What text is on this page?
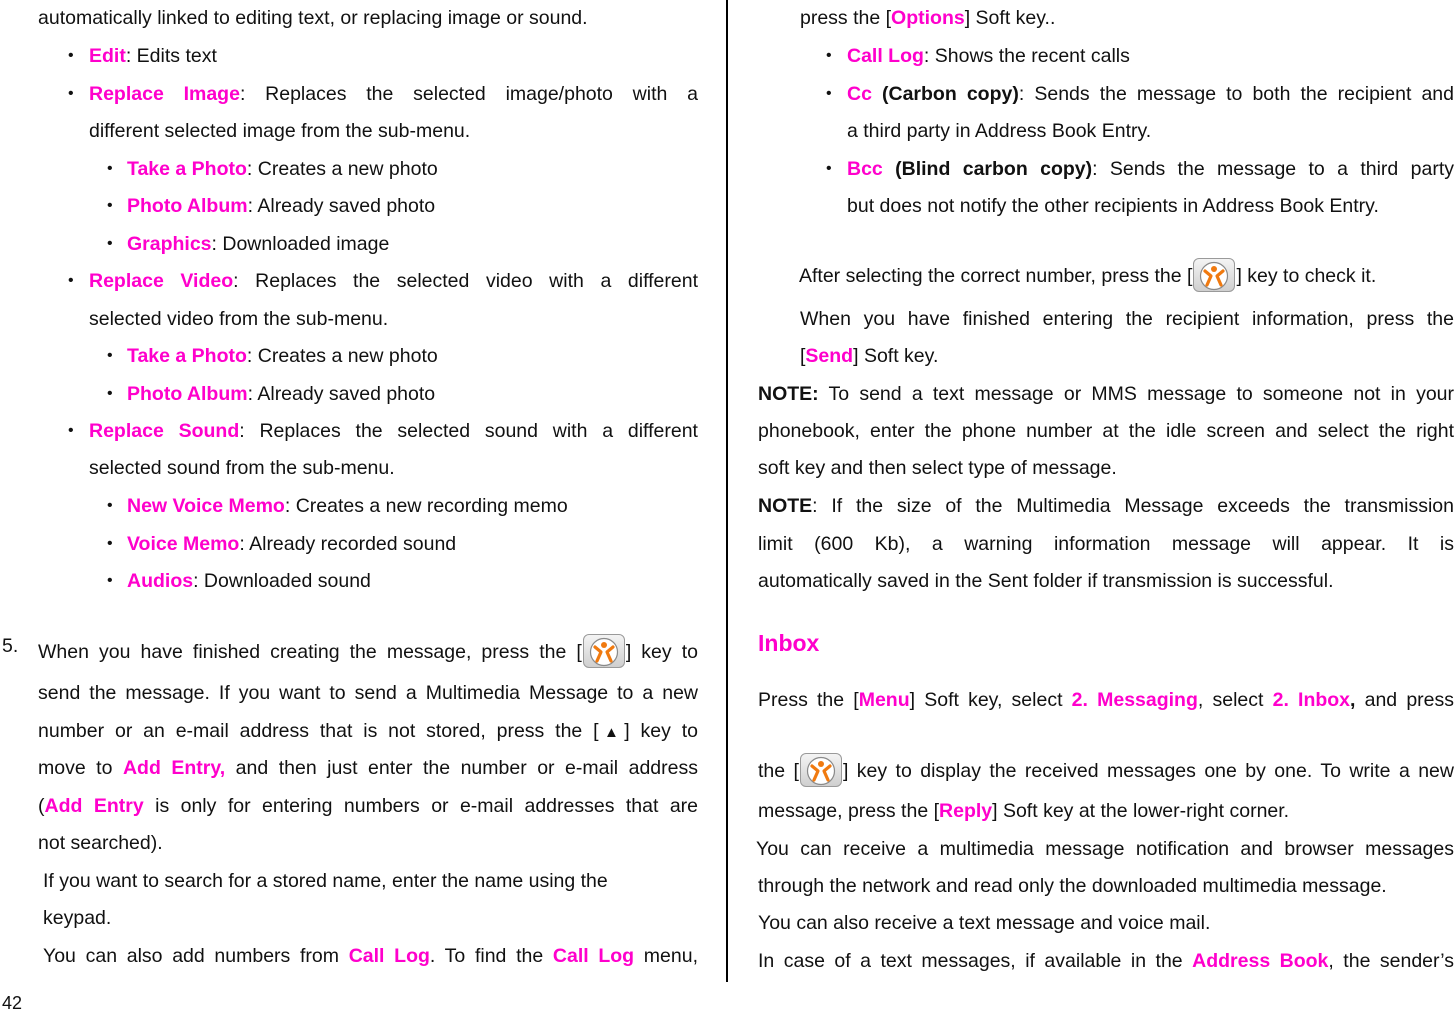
automatically linked to editing text, or replacing image or sound.
• Edit: Edits text
• Replace Image: Replaces the selected image/photo with a
different selected image from the sub-menu.
• Take a Photo: Creates a new photo
• Photo Album: Already saved photo
• Graphics: Downloaded image
• Replace Video: Replaces the selected video with a different
selected video from the sub-menu.
• Take a Photo: Creates a new photo
• Photo Album: Already saved photo
• Replace Sound: Replaces the selected sound with a different
selected sound from the sub-menu.
• New Voice Memo: Creates a new recording memo
• Voice Memo: Already recorded sound
• Audios: Downloaded sound
5. When you have finished creating the message, press the [ ] key to
send the message. If you want to send a Multimedia Message to a new
number or an e-mail address that is not stored, press the [▲] key to
move to Add Entry, and then just enter the number or e-mail address
(Add Entry is only for entering numbers or e-mail addresses that are
not searched).
If you want to search for a stored name, enter the name using the
keypad.
You can also add numbers from Call Log. To find the Call Log menu,
42
press the [Options] Soft key..
• Call Log: Shows the recent calls
• Cc (Carbon copy): Sends the message to both the recipient and
a third party in Address Book Entry.
• Bcc (Blind carbon copy): Sends the message to a third party
but does not notify the other recipients in Address Book Entry.
After selecting the correct number, press the [ ] key to check it.
When you have finished entering the recipient information, press the
[Send] Soft key.
NOTE: To send a text message or MMS message to someone not in your
phonebook, enter the phone number at the idle screen and select the right
soft key and then select type of message.
NOTE: If the size of the Multimedia Message exceeds the transmission
limit (600 Kb), a warning information message will appear. It is
automatically saved in the Sent folder if transmission is successful.
Inbox
Press the [Menu] Soft key, select 2. Messaging, select 2. Inbox, and press
the [ ] key to display the received messages one by one. To write a new
message, press the [Reply] Soft key at the lower-right corner.
You can receive a multimedia message notification and browser messages
through the network and read only the downloaded multimedia message.
You can also receive a text message and voice mail.
In case of a text messages, if available in the Address Book, the sender’s
